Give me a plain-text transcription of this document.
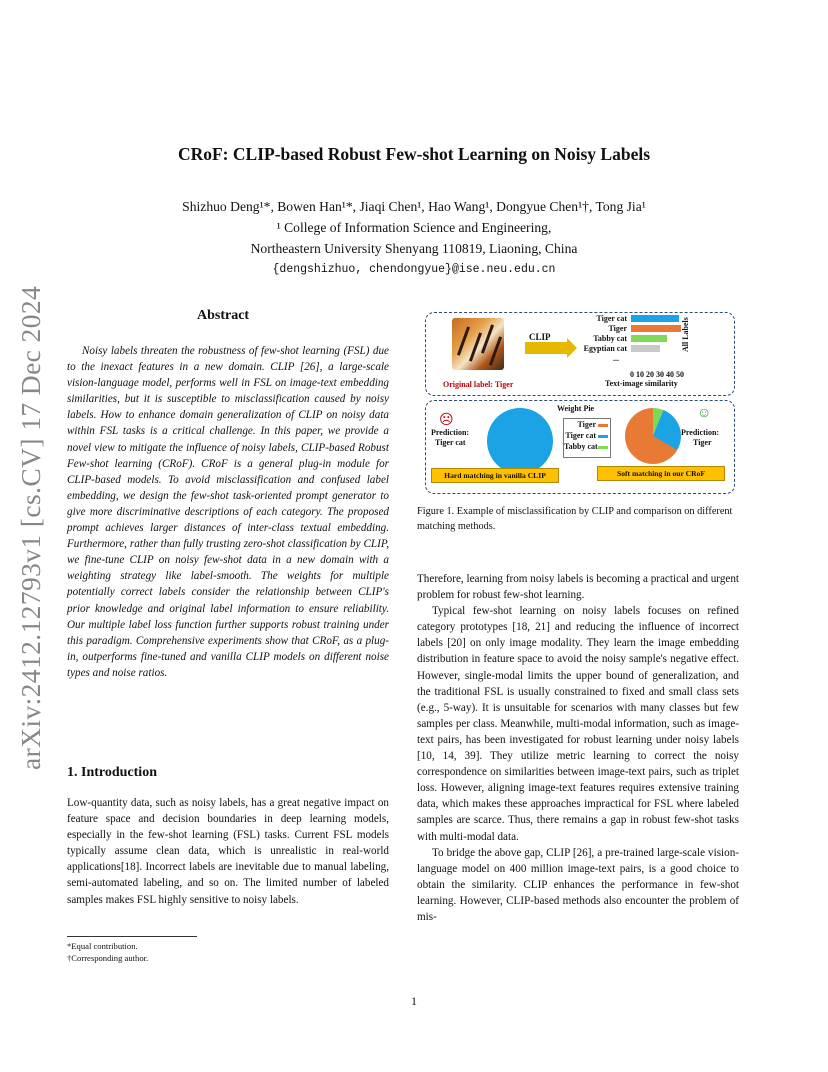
arXiv:2412.12793v1 [cs.CV] 17 Dec 2024
CRoF: CLIP-based Robust Few-shot Learning on Noisy Labels
Shizhuo Deng¹*, Bowen Han¹*, Jiaqi Chen¹, Hao Wang¹, Dongyue Chen¹†, Tong Jia¹
¹ College of Information Science and Engineering,
Northeastern University Shenyang 110819, Liaoning, China
{dengshizhuo, chendongyue}@ise.neu.edu.cn
Abstract
Noisy labels threaten the robustness of few-shot learning (FSL) due to the inexact features in a new domain. CLIP [26], a large-scale vision-language model, performs well in FSL on image-text embedding similarities, but it is susceptible to misclassification caused by noisy labels. How to enhance domain generalization of CLIP on noisy data within FSL tasks is a critical challenge. In this paper, we provide a novel view to mitigate the influence of noisy labels, CLIP-based Robust Few-shot learning (CRoF). CRoF is a general plug-in module for CLIP-based models. To avoid misclassification and confused label embedding, we design the few-shot task-oriented prompt generator to give more discriminative descriptions of each category. The proposed prompt achieves larger distances of inter-class textual embedding. Furthermore, rather than fully trusting zero-shot classification by CLIP, we fine-tune CLIP on noisy few-shot data in a new domain with a weighting strategy like label-smooth. The weights for multiple potentially correct labels consider the relationship between CLIP's prior knowledge and original label information to ensure reliability. Our multiple label loss function further supports robust training under this paradigm. Comprehensive experiments show that CRoF, as a plug-in, outperforms fine-tuned and vanilla CLIP models on different noise types and noise ratios.
1. Introduction
Low-quantity data, such as noisy labels, has a great negative impact on feature space and decision boundaries in deep learning models, especially in the few-shot learning (FSL) tasks. Current FSL models typically assume clean data, which is unrealistic in real-world applications[18]. Incorrect labels are inevitable due to manual labeling, semi-automated labeling, and so on. The limited number of labeled samples makes FSL highly sensitive to noisy labels.
*Equal contribution.
†Corresponding author.
Original label: Tiger
CLIP
Tiger cat
Tiger
Tabby cat
Egyptian cat
...
0 10 20 30 40 50
Text-image similarity
All Labels
Weight Pie
☹
Prediction:
Tiger cat
Tiger
Tiger cat
Tabby cat
☺
Prediction:
Tiger
Hard matching in vanilla CLIP	Soft matching in our CRoF
Figure 1. Example of misclassification by CLIP and comparison on different matching methods.

Therefore, learning from noisy labels is becoming a practical and urgent problem for robust few-shot learning.

Typical few-shot learning on noisy labels focuses on refined category prototypes [18, 21] and reducing the influence of incorrect labels [20] on only image modality. They learn the image embedding distribution in feature space to avoid the noisy sample's negative effect. However, single-modal limits the upper bound of generalization, and the traditional FSL is usually constrained to fixed and small class sets (e.g., 5-way). It is unsuitable for scenarios with many classes but few samples per class. Meanwhile, multi-modal information, such as image-text pairs, has been investigated for robust learning under noisy labels [10, 14, 39]. They utilize metric learning to correct the noisy correspondence on similarities between image-text pairs, such as triplet loss. However, aligning image-text features requires extensive training data, which makes these approaches impractical for FSL where labeled samples are scarce. Thus, there remains a gap in robust few-shot tasks with multi-modal data.

To bridge the above gap, CLIP [26], a pre-trained large-scale vision-language model on 400 million image-text pairs, is a good choice to obtain the similarity. CLIP enhances the performance in few-shot learning. However, CLIP-based methods also encounter the problem of mis-

1
